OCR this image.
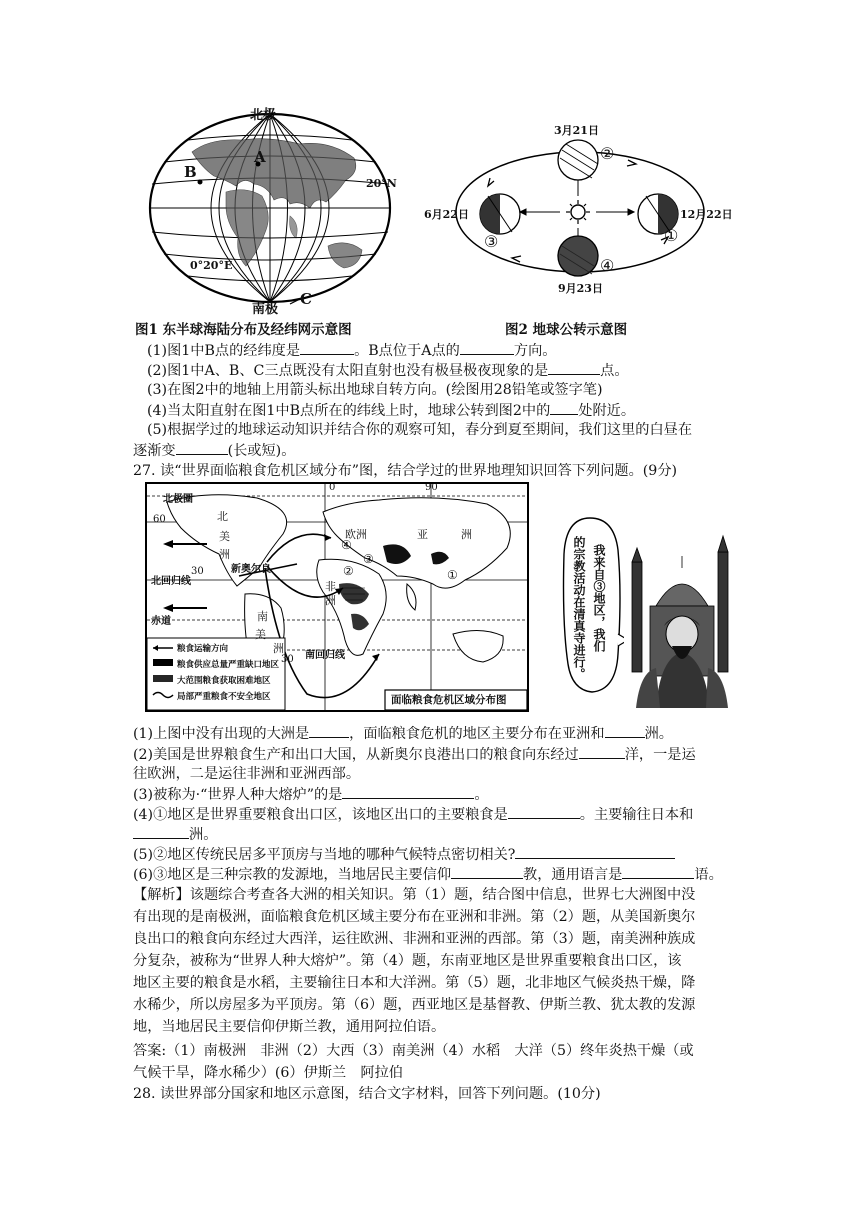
北极
南极
20°N
0°20°E
A
B
C
图1 东半球海陆分布及经纬网示意图
3月21日
6月22日	12月22日
9月23日
②
③	①
④
图2 地球公转示意图
(1)图1中B点的经纬度是	。B点位于A点的	方向。
(2)图1中A、B、C三点既没有太阳直射也没有极昼极夜现象的是	点。
(3)在图2中的地轴上用箭头标出地球自转方向。(绘图用28铅笔或签字笔)
(4)当太阳直射在图1中B点所在的纬线上时，地球公转到图2中的 处附近。
(5)根据学过的地球运动知识并结合你的观察可知，春分到夏至期间，我们这里的白昼在
逐渐变	(长或短)。
27. 读“世界面临粮食危机区域分布”图，结合学过的世界地理知识回答下列问题。(9分)
北极圈
60
0	90
北
美
洲
欧洲	亚	洲
新奥尔良
北回归线
30
赤道	南
美
洲
非
洲
南回归线
30
①
②
③
④
粮食运输方向
粮食供应总量严重缺口地区
大范围粮食获取困难地区
局部严重粮食不安全地区	面临粮食危机区域分布图
我来自③地区，我们
的宗教活动在清真寺进行。
(1)上图中没有出现的大洲是	，面临粮食危机的地区主要分布在亚洲和	洲。
(2)美国是世界粮食生产和出口大国，从新奥尔良港出口的粮食向东经过	洋，一是运
往欧洲，二是运往非洲和亚洲西部。
(3)被称为·“世界人种大熔炉”的是	。
(4)①地区是世界重要粮食出口区，该地区出口的主要粮食是	。主要输往日本和
洲。
(5)②地区传统民居多平顶房与当地的哪种气候特点密切相关?
(6)③地区是三种宗教的发源地，当地居民主要信仰	教，通用语言是	语。
【解析】该题综合考查各大洲的相关知识。第（1）题，结合图中信息，世界七大洲图中没
有出现的是南极洲，面临粮食危机区域主要分布在亚洲和非洲。第（2）题，从美国新奥尔
良出口的粮食向东经过大西洋，运往欧洲、非洲和亚洲的西部。第（3）题，南美洲种族成
分复杂，被称为“世界人种大熔炉”。第（4）题，东南亚地区是世界重要粮食出口区，该
地区主要的粮食是水稻，主要输往日本和大洋洲。第（5）题，北非地区气候炎热干燥，降
水稀少，所以房屋多为平顶房。第（6）题，西亚地区是基督教、伊斯兰教、犹太教的发源
地，当地居民主要信仰伊斯兰教，通用阿拉伯语。
答案:（1）南极洲　非洲（2）大西（3）南美洲（4）水稻　大洋（5）终年炎热干燥（或
气候干旱，降水稀少）(6）伊斯兰　阿拉伯
28. 读世界部分国家和地区示意图，结合文字材料，回答下列问题。(10分)
